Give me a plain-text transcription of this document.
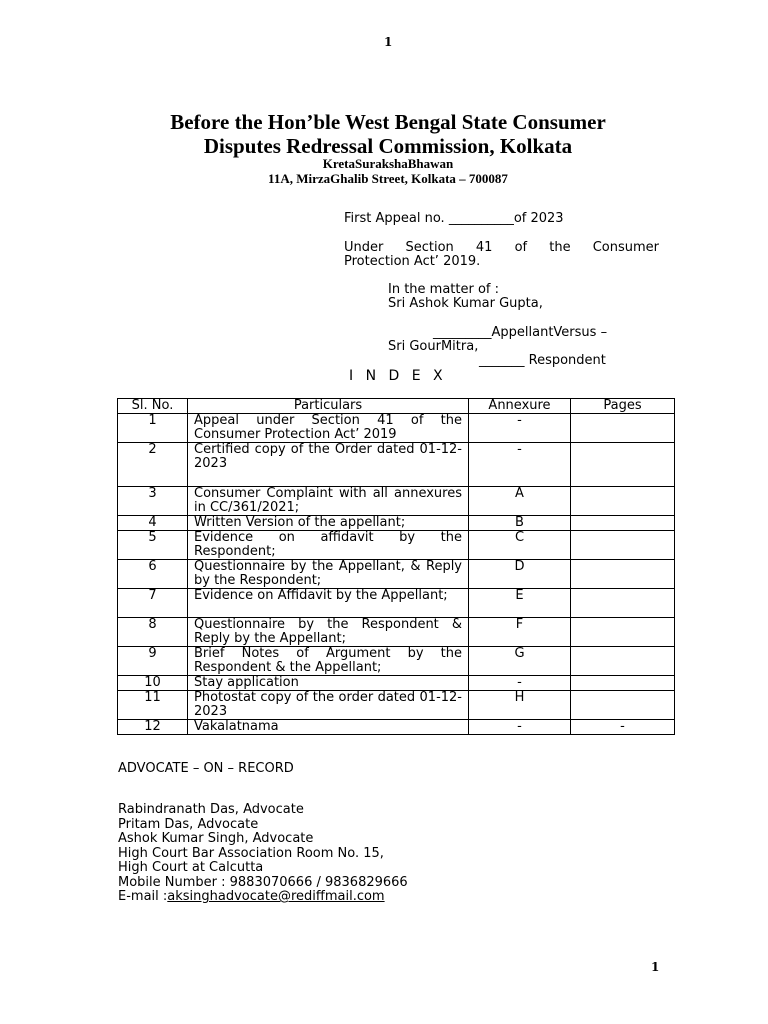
1
Before the Hon’ble West Bengal State Consumer
Disputes Redressal Commission, Kolkata
KretaSurakshaBhawan
11A, MirzaGhalib Street, Kolkata – 700087
First Appeal no. __________of 2023
Under Section 41 of the Consumer
Protection Act’ 2019.
In the matter of :
Sri Ashok Kumar Gupta,
_________AppellantVersus –
Sri GourMitra,
_______ Respondent
I N D E X
Sl. No.	Particulars	Annexure	Pages
1	Appeal under Section 41 of the Consumer Protection Act’ 2019	-	
2	Certified copy of the Order dated 01-12-2023	-	
3	Consumer Complaint with all annexures in CC/361/2021;	A	
4	Written Version of the appellant;	B	
5	Evidence on affidavit by the Respondent;	C	
6	Questionnaire by the Appellant, & Reply by the Respondent;	D	
7	Evidence on Affidavit by the Appellant;	E	
8	Questionnaire by the Respondent & Reply by the Appellant;	F	
9	Brief Notes of Argument by the Respondent & the Appellant;	G	
10	Stay application	-	
11	Photostat copy of the order dated 01-12-2023	H	
12	Vakalatnama	-	-
ADVOCATE – ON – RECORD
Rabindranath Das, Advocate
Pritam Das, Advocate
Ashok Kumar Singh, Advocate
High Court Bar Association Room No. 15,
High Court at Calcutta
Mobile Number : 9883070666 / 9836829666
E-mail :aksinghadvocate@rediffmail.com
1
